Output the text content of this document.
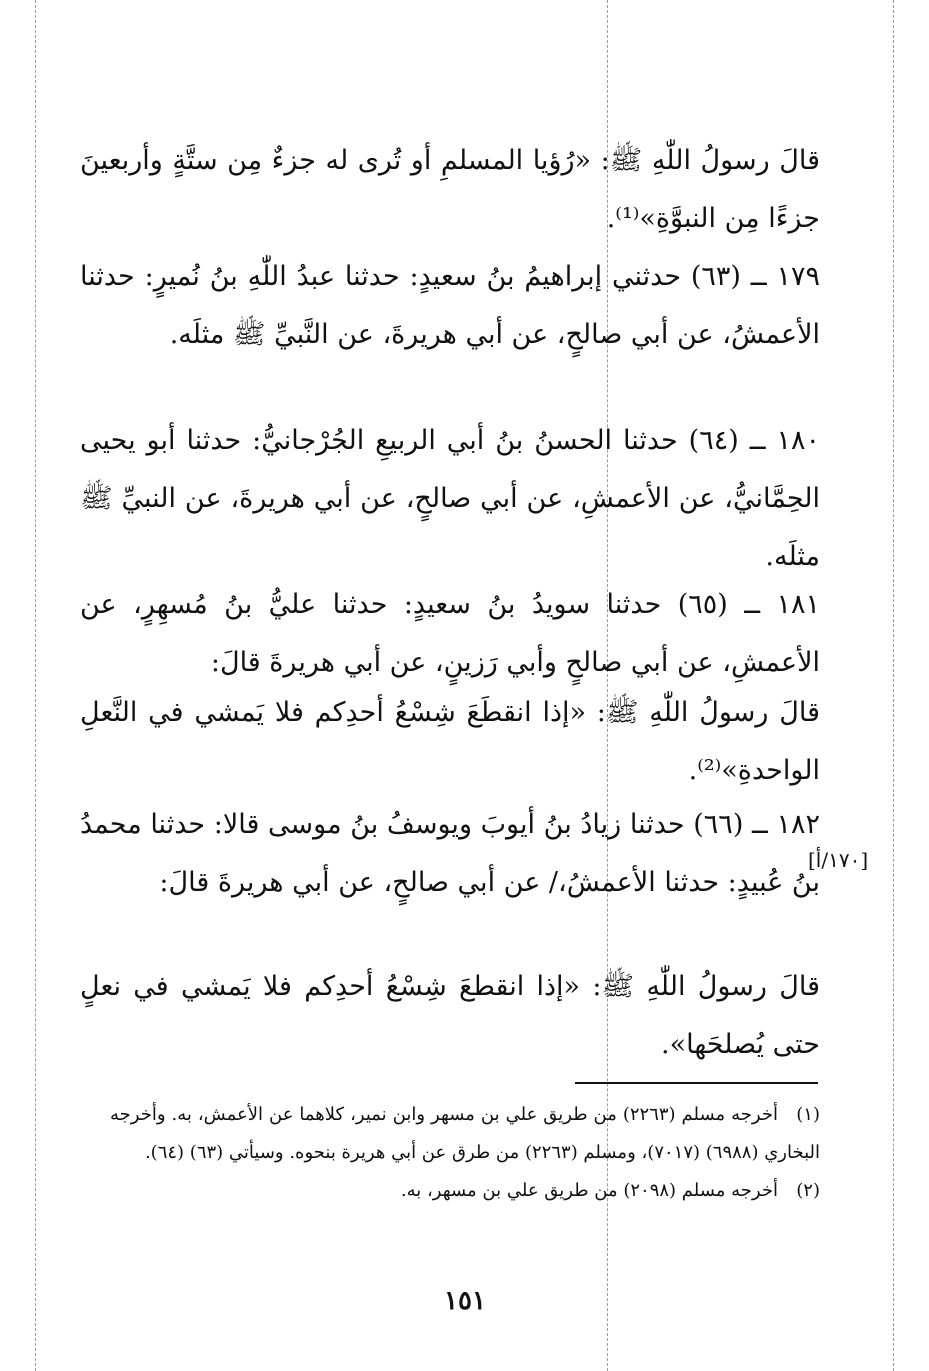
قالَ رسولُ اللّٰهِ ﷺ: «رُؤيا المسلمِ أو تُرى له جزءٌ مِن ستَّةٍ وأربعينَ جزءًا مِن النبوَّةِ»⁽¹⁾.

١٧٩ ــ (٦٣) حدثني إبراهيمُ بنُ سعيدٍ: حدثنا عبدُ اللّٰهِ بنُ نُميرٍ: حدثنا الأعمشُ، عن أبي صالحٍ، عن أبي هريرةَ، عن النَّبيِّ ﷺ مثلَه.

١٨٠ ــ (٦٤) حدثنا الحسنُ بنُ أبي الربيعِ الجُرْجانيُّ: حدثنا أبو يحيى الحِمَّانيُّ، عن الأعمشِ، عن أبي صالحٍ، عن أبي هريرةَ، عن النبيِّ ﷺ مثلَه.

١٨١ ــ (٦٥) حدثنا سويدُ بنُ سعيدٍ: حدثنا عليُّ بنُ مُسهِرٍ، عن الأعمشِ، عن أبي صالحٍ وأبي رَزينٍ، عن أبي هريرةَ قالَ:

قالَ رسولُ اللّٰهِ ﷺ: «إذا انقطَعَ شِسْعُ أحدِكم فلا يَمشي في النَّعلِ الواحدةِ»⁽²⁾.

١٨٢ ــ (٦٦) حدثنا زيادُ بنُ أيوبَ ويوسفُ بنُ موسى قالا: حدثنا محمدُ بنُ عُبيدٍ: حدثنا الأعمشُ،/ عن أبي صالحٍ، عن أبي هريرةَ قالَ:

قالَ رسولُ اللّٰهِ ﷺ: «إذا انقطعَ شِسْعُ أحدِكم فلا يَمشي في نعلٍ حتى يُصلحَها».

[١٧٠/أ]

(١)أخرجه مسلم (٢٢٦٣) من طريق علي بن مسهر وابن نمير، كلاهما عن الأعمش، به. وأخرجه البخاري (٦٩٨٨) (٧٠١٧)، ومسلم (٢٢٦٣) من طرق عن أبي هريرة بنحوه. وسيأتي (٦٣) (٦٤).

(٢)أخرجه مسلم (٢٠٩٨) من طريق علي بن مسهر، به.

١٥١
